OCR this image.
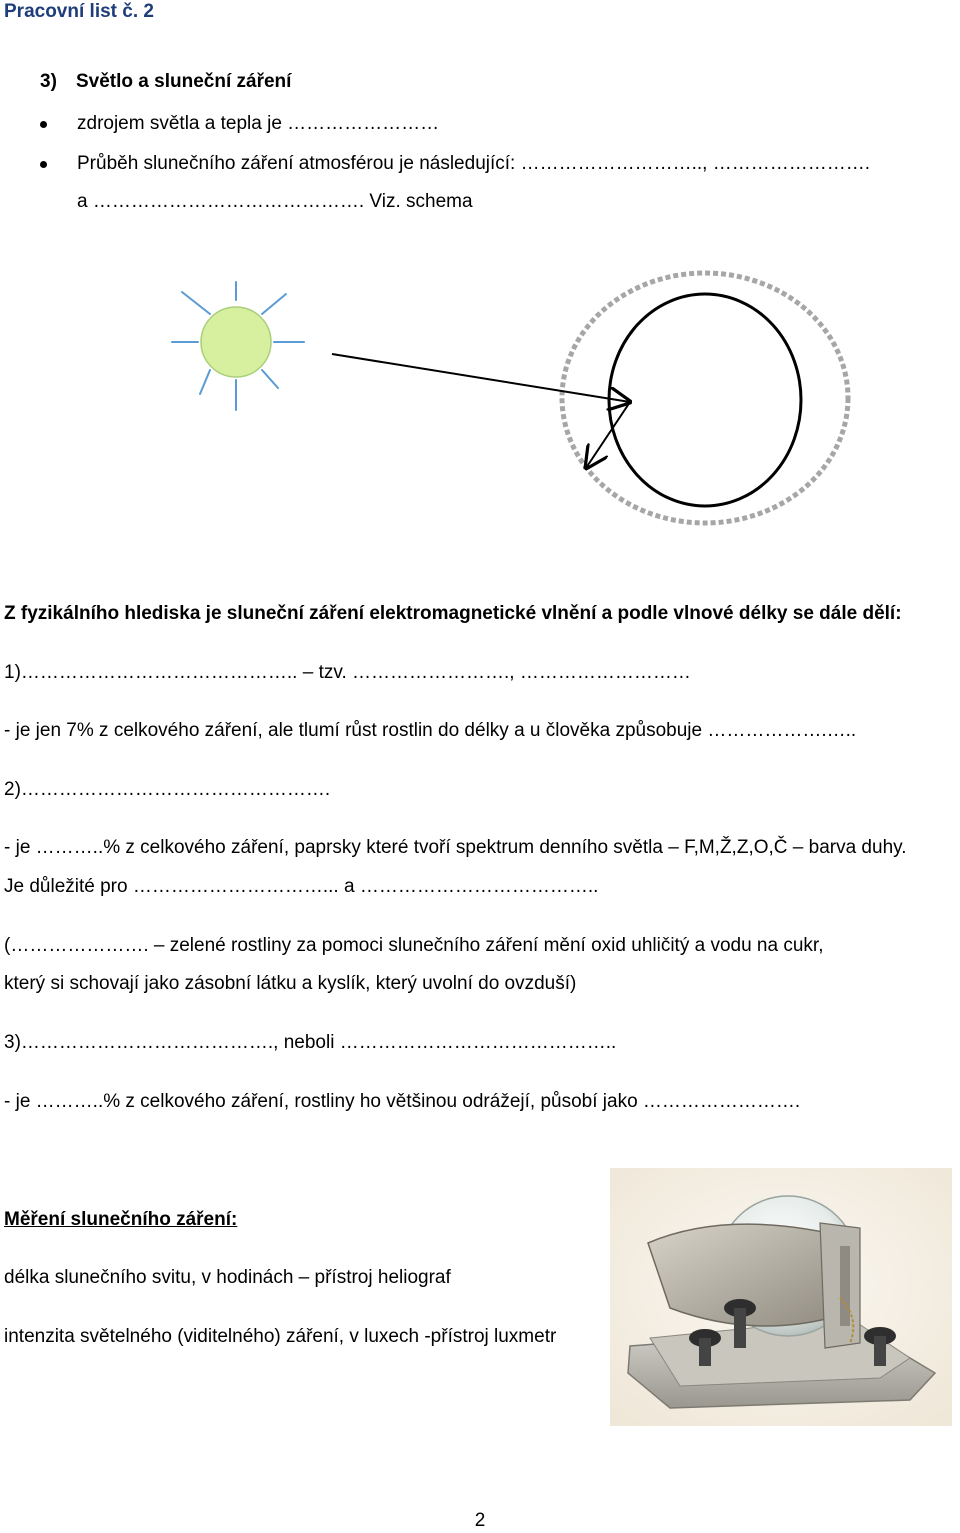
Pracovní list č. 2
3) Světlo a sluneční záření
zdrojem světla a tepla je ……………………
Průběh slunečního záření atmosférou je následující: ……………………….., …………………….
a ……………………………………. Viz. schema
Z fyzikálního hlediska je sluneční záření elektromagnetické vlnění a podle vlnové délky se dále dělí:
1)…………………………………….. – tzv. ……………………., ………………………
- je jen 7% z celkového záření, ale tlumí růst rostlin do délky a u člověka způsobuje ……………….…..
2)………………………………………….
- je ………..% z celkového záření, paprsky které tvoří spektrum denního světla – F,M,Ž,Z,O,Č – barva duhy.
Je důležité pro …………………………... a ………………………………..
(…………………. – zelené rostliny za pomoci slunečního záření mění oxid uhličitý a vodu na cukr,
který si schovají jako zásobní látku a kyslík, který uvolní do ovzduší)
3)…………………………………., neboli ……………………………………..
- je ………..% z celkového záření, rostliny ho většinou odrážejí, působí jako …………………….
Měření slunečního záření:
délka slunečního svitu, v hodinách – přístroj heliograf
intenzita světelného (viditelného) záření, v luxech -přístroj luxmetr
2
